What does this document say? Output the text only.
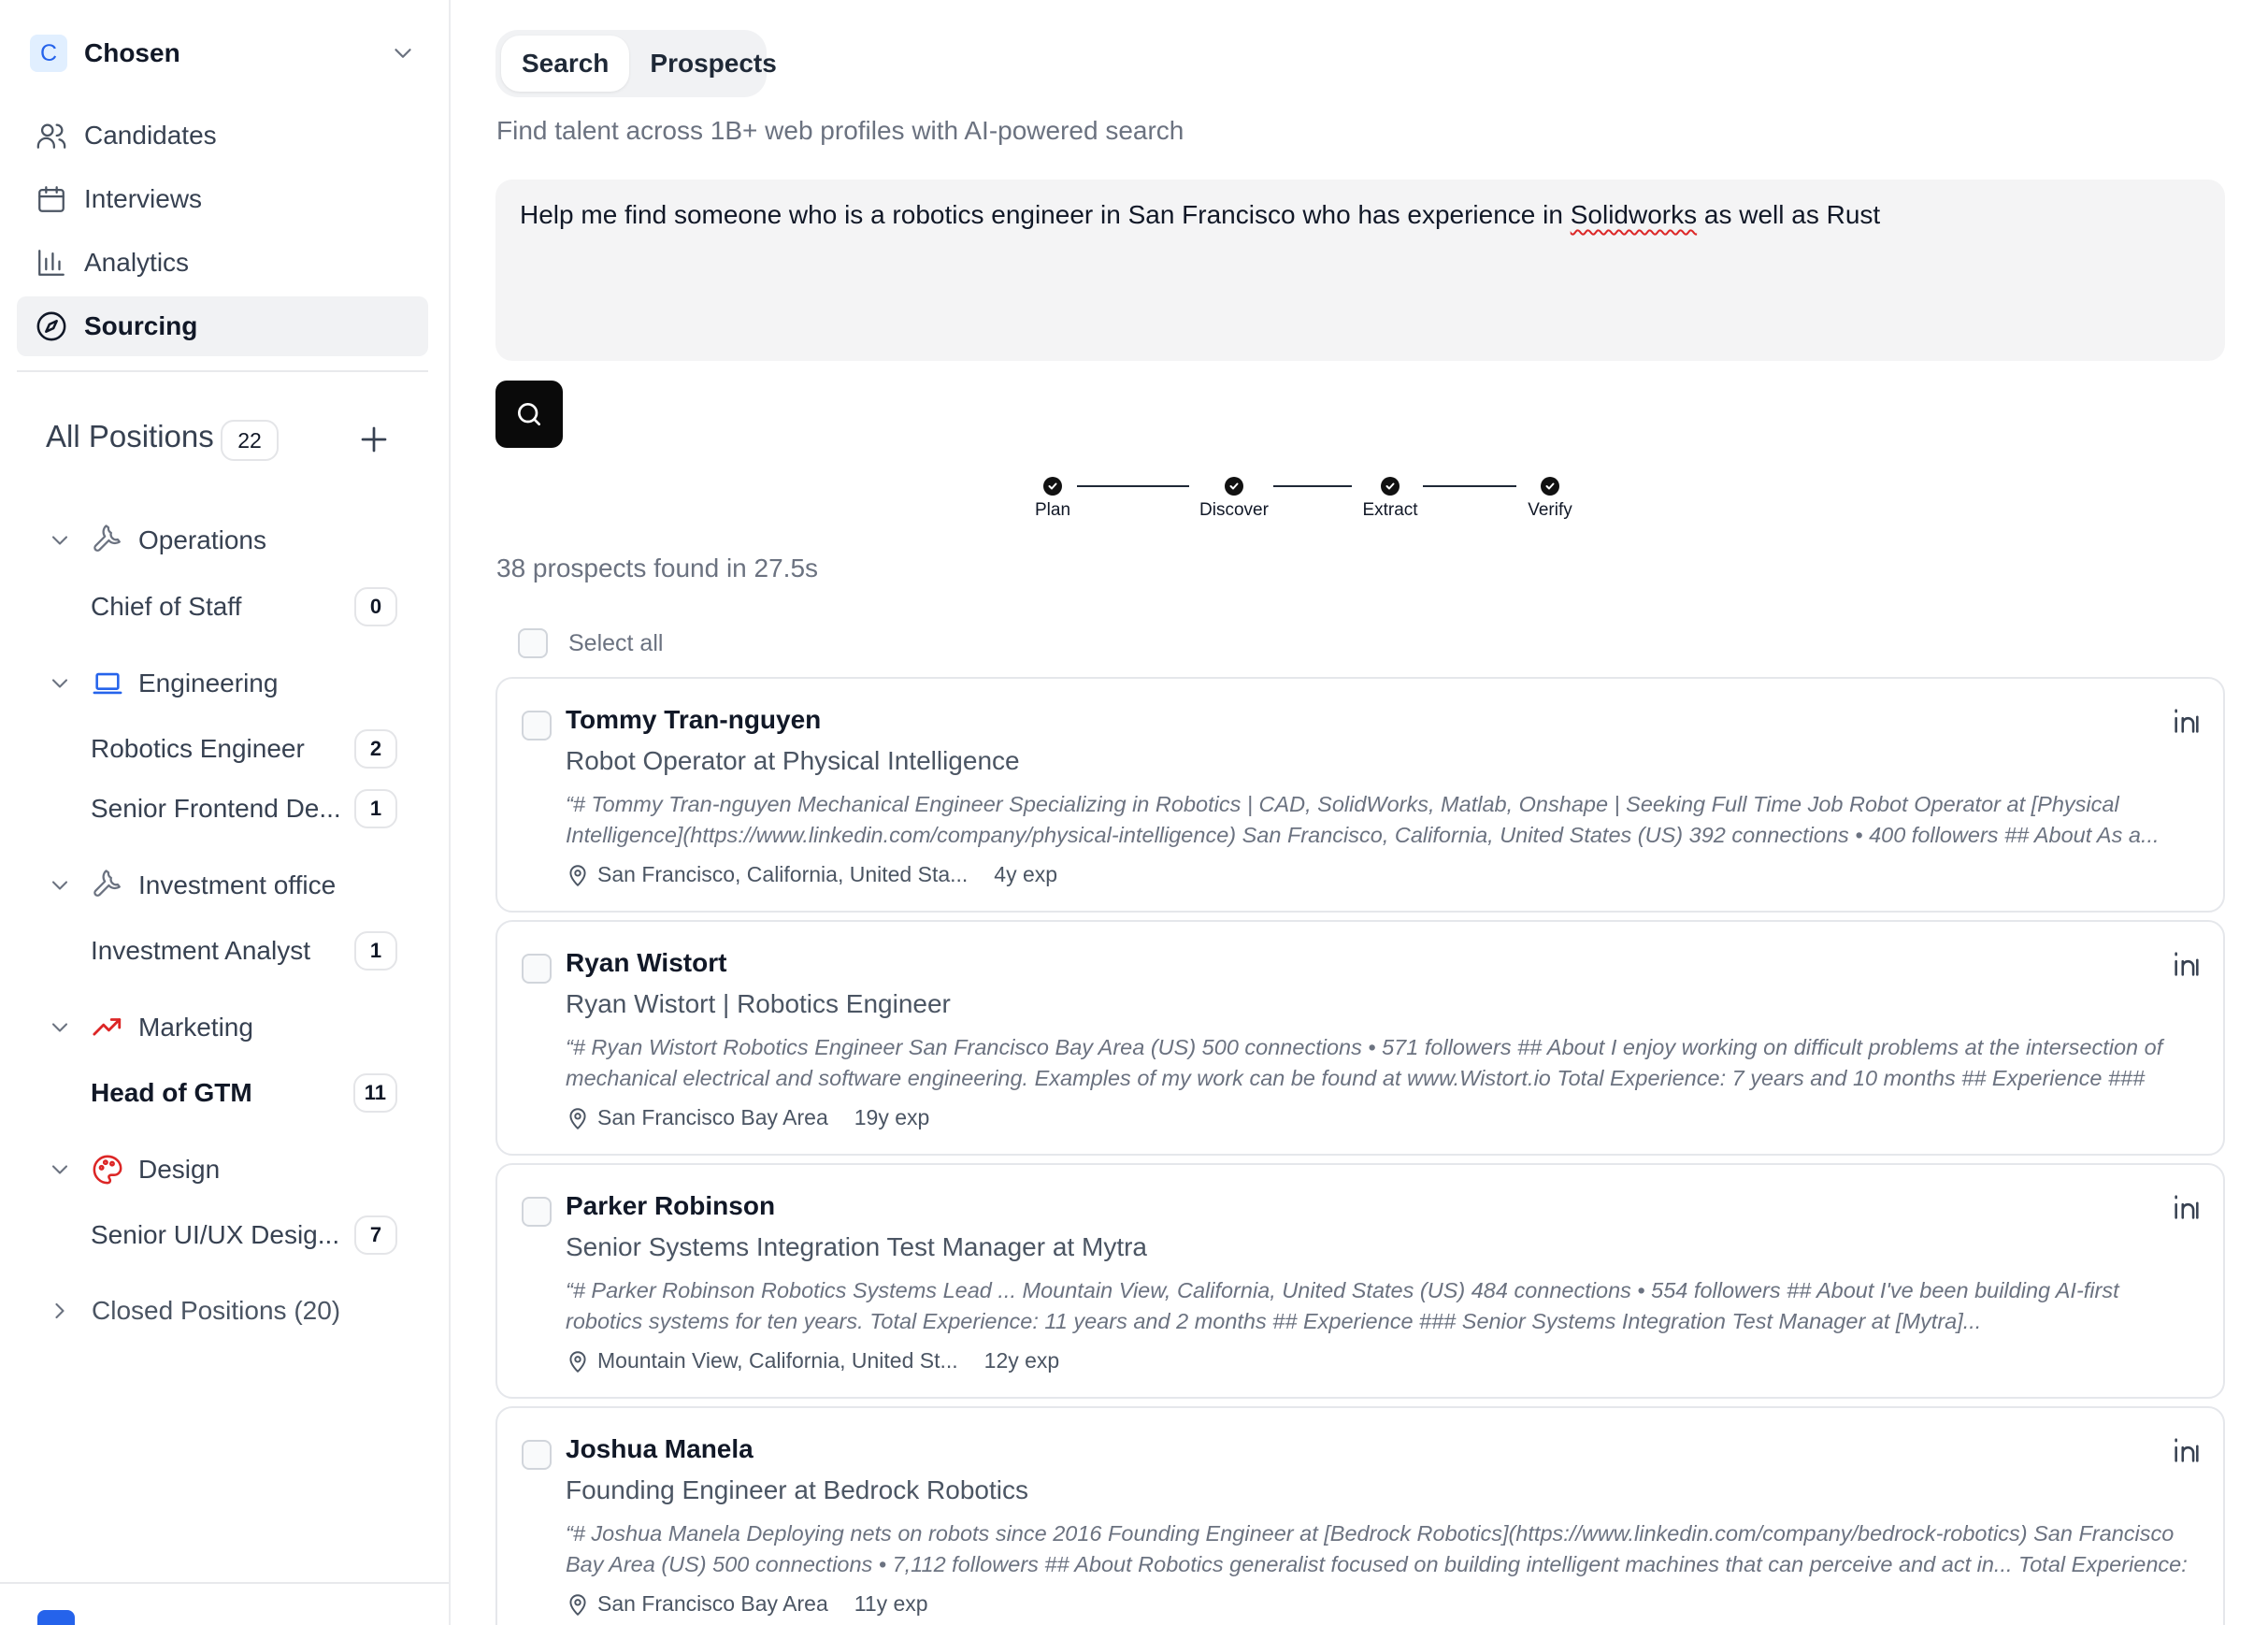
C	Chosen
Candidates
Interviews
Analytics
Sourcing
All Positions	22
Operations
Chief of Staff	0
Engineering
Robotics Engineer	2
Senior Frontend De...	1
Investment office
Investment Analyst	1
Marketing
Head of GTM	11
Design
Senior UI/UX Desig...	7
Closed Positions (20)
Search	Prospects
Find talent across 1B+ web profiles with AI-powered search
Help me find someone who is a robotics engineer in San Francisco who has experience in Solidworks as well as Rust
Plan	Discover	Extract	Verify
38 prospects found in 27.5s
Select all
Tommy Tran-nguyen
Robot Operator at Physical Intelligence
“# Tommy Tran-nguyen Mechanical Engineer Specializing in Robotics | CAD, SolidWorks, Matlab, Onshape | Seeking Full Time Job Robot Operator at [Physical Intelligence](https://www.linkedin.com/company/physical-intelligence) San Francisco, California, United States (US) 392 connections • 400 followers ## About As a...
San Francisco, California, United Sta... 4y exp
Ryan Wistort
Ryan Wistort | Robotics Engineer
“# Ryan Wistort Robotics Engineer San Francisco Bay Area (US) 500 connections • 571 followers ## About I enjoy working on difficult problems at the intersection of mechanical electrical and software engineering. Examples of my work can be found at www.Wistort.io Total Experience: 7 years and 10 months ## Experience ###
San Francisco Bay Area 19y exp
Parker Robinson
Senior Systems Integration Test Manager at Mytra
“# Parker Robinson Robotics Systems Lead ... Mountain View, California, United States (US) 484 connections • 554 followers ## About I've been building AI-first robotics systems for ten years. Total Experience: 11 years and 2 months ## Experience ### Senior Systems Integration Test Manager at [Mytra]...
Mountain View, California, United St... 12y exp
Joshua Manela
Founding Engineer at Bedrock Robotics
“# Joshua Manela Deploying nets on robots since 2016 Founding Engineer at [Bedrock Robotics](https://www.linkedin.com/company/bedrock-robotics) San Francisco Bay Area (US) 500 connections • 7,112 followers ## About Robotics generalist focused on building intelligent machines that can perceive and act in... Total Experience:
San Francisco Bay Area 11y exp
